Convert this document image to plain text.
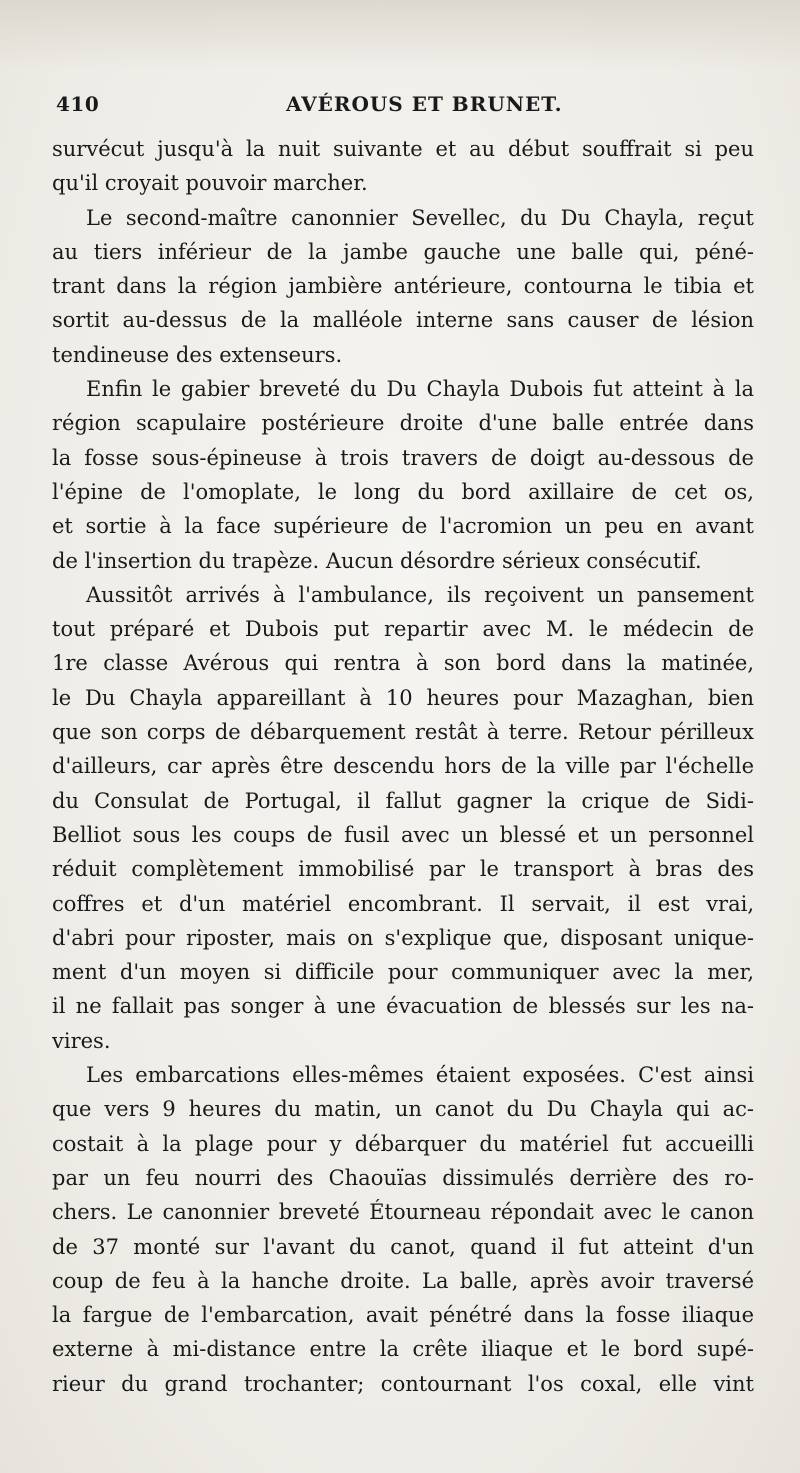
410	AVÉROUS ET BRUNET.
survécut jusqu'à la nuit suivante et au début souffrait si peu
qu'il croyait pouvoir marcher.
Le second-maître canonnier Sevellec, du Du Chayla, reçut
au tiers inférieur de la jambe gauche une balle qui, péné-
trant dans la région jambière antérieure, contourna le tibia et
sortit au-dessus de la malléole interne sans causer de lésion
tendineuse des extenseurs.
Enfin le gabier breveté du Du Chayla Dubois fut atteint à la
région scapulaire postérieure droite d'une balle entrée dans
la fosse sous-épineuse à trois travers de doigt au-dessous de
l'épine de l'omoplate, le long du bord axillaire de cet os,
et sortie à la face supérieure de l'acromion un peu en avant
de l'insertion du trapèze. Aucun désordre sérieux consécutif.
Aussitôt arrivés à l'ambulance, ils reçoivent un pansement
tout préparé et Dubois put repartir avec M. le médecin de
1re classe Avérous qui rentra à son bord dans la matinée,
le Du Chayla appareillant à 10 heures pour Mazaghan, bien
que son corps de débarquement restât à terre. Retour périlleux
d'ailleurs, car après être descendu hors de la ville par l'échelle
du Consulat de Portugal, il fallut gagner la crique de Sidi-
Belliot sous les coups de fusil avec un blessé et un personnel
réduit complètement immobilisé par le transport à bras des
coffres et d'un matériel encombrant. Il servait, il est vrai,
d'abri pour riposter, mais on s'explique que, disposant unique-
ment d'un moyen si difficile pour communiquer avec la mer,
il ne fallait pas songer à une évacuation de blessés sur les na-
vires.
Les embarcations elles-mêmes étaient exposées. C'est ainsi
que vers 9 heures du matin, un canot du Du Chayla qui ac-
costait à la plage pour y débarquer du matériel fut accueilli
par un feu nourri des Chaouïas dissimulés derrière des ro-
chers. Le canonnier breveté Étourneau répondait avec le canon
de 37 monté sur l'avant du canot, quand il fut atteint d'un
coup de feu à la hanche droite. La balle, après avoir traversé
la fargue de l'embarcation, avait pénétré dans la fosse iliaque
externe à mi-distance entre la crête iliaque et le bord supé-
rieur du grand trochanter; contournant l'os coxal, elle vint
